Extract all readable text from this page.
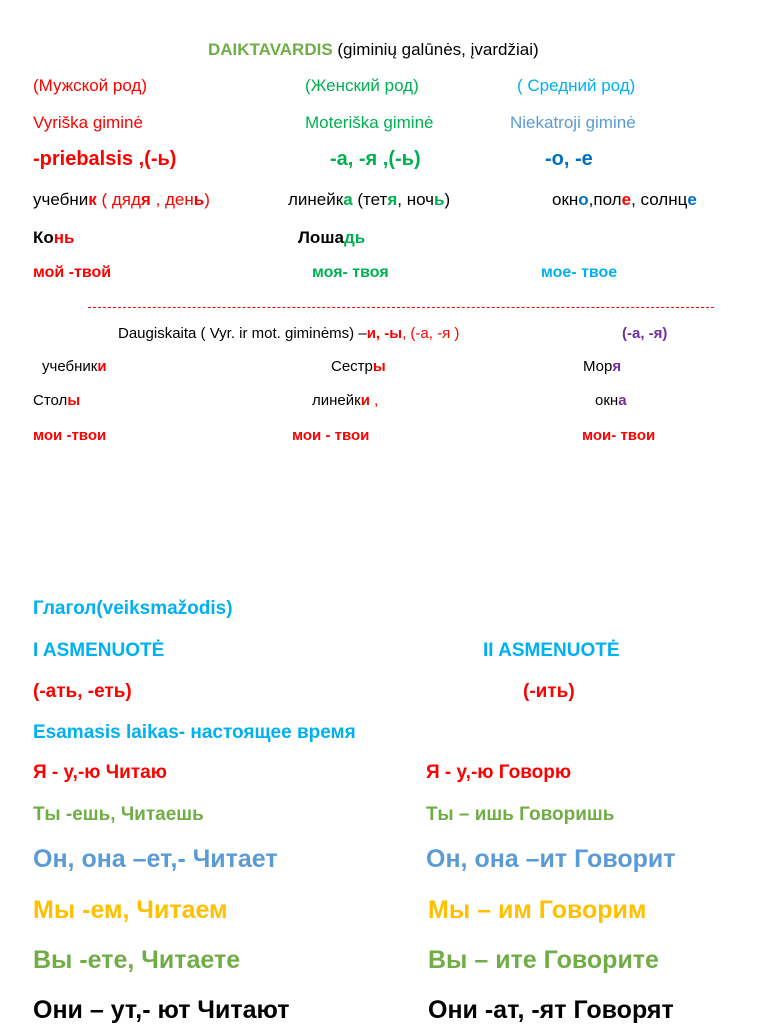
DAIKTAVARDIS (giminių galūnės, įvardžiai)
(Мужской род)	(Женский род)	( Средний род)
Vyriška giminė	Moteriška giminė	Niekatroji giminė
-priebalsis ,(-ь)	-а, -я ,(-ь)	-о, -е
учебник ( дядя , день)	линейка (тетя, ночь)	окно,поле, солнце
Конь	Лошадь
мой -твой	моя- твоя	мое- твое
Daugiskaita ( Vyr. ir mot. giminėms) –и, -ы, (-а, -я )	(-а, -я)
учебники	Сестры	Моря
Столы	линейки ,	окна
мои -твои	мои - твои	мои- твои
Глагол(veiksmažodis)
I ASMENUOTĖ	II ASMENUOTĖ
(-ать, -еть)	(-ить)
Esamasis laikas- настоящее время
Я - у,-ю Читаю	Я - у,-ю Говорю
Ты -ешь, Читаешь	Ты – ишь Говоришь
Он, она –ет,- Читает	Он, она –ит Говорит
Мы -ем, Читаем	Мы – им Говорим
Вы -ете, Читаете	Вы – ите Говорите
Они – ут,- ют Читают	Они -ат, -ят Говорят
